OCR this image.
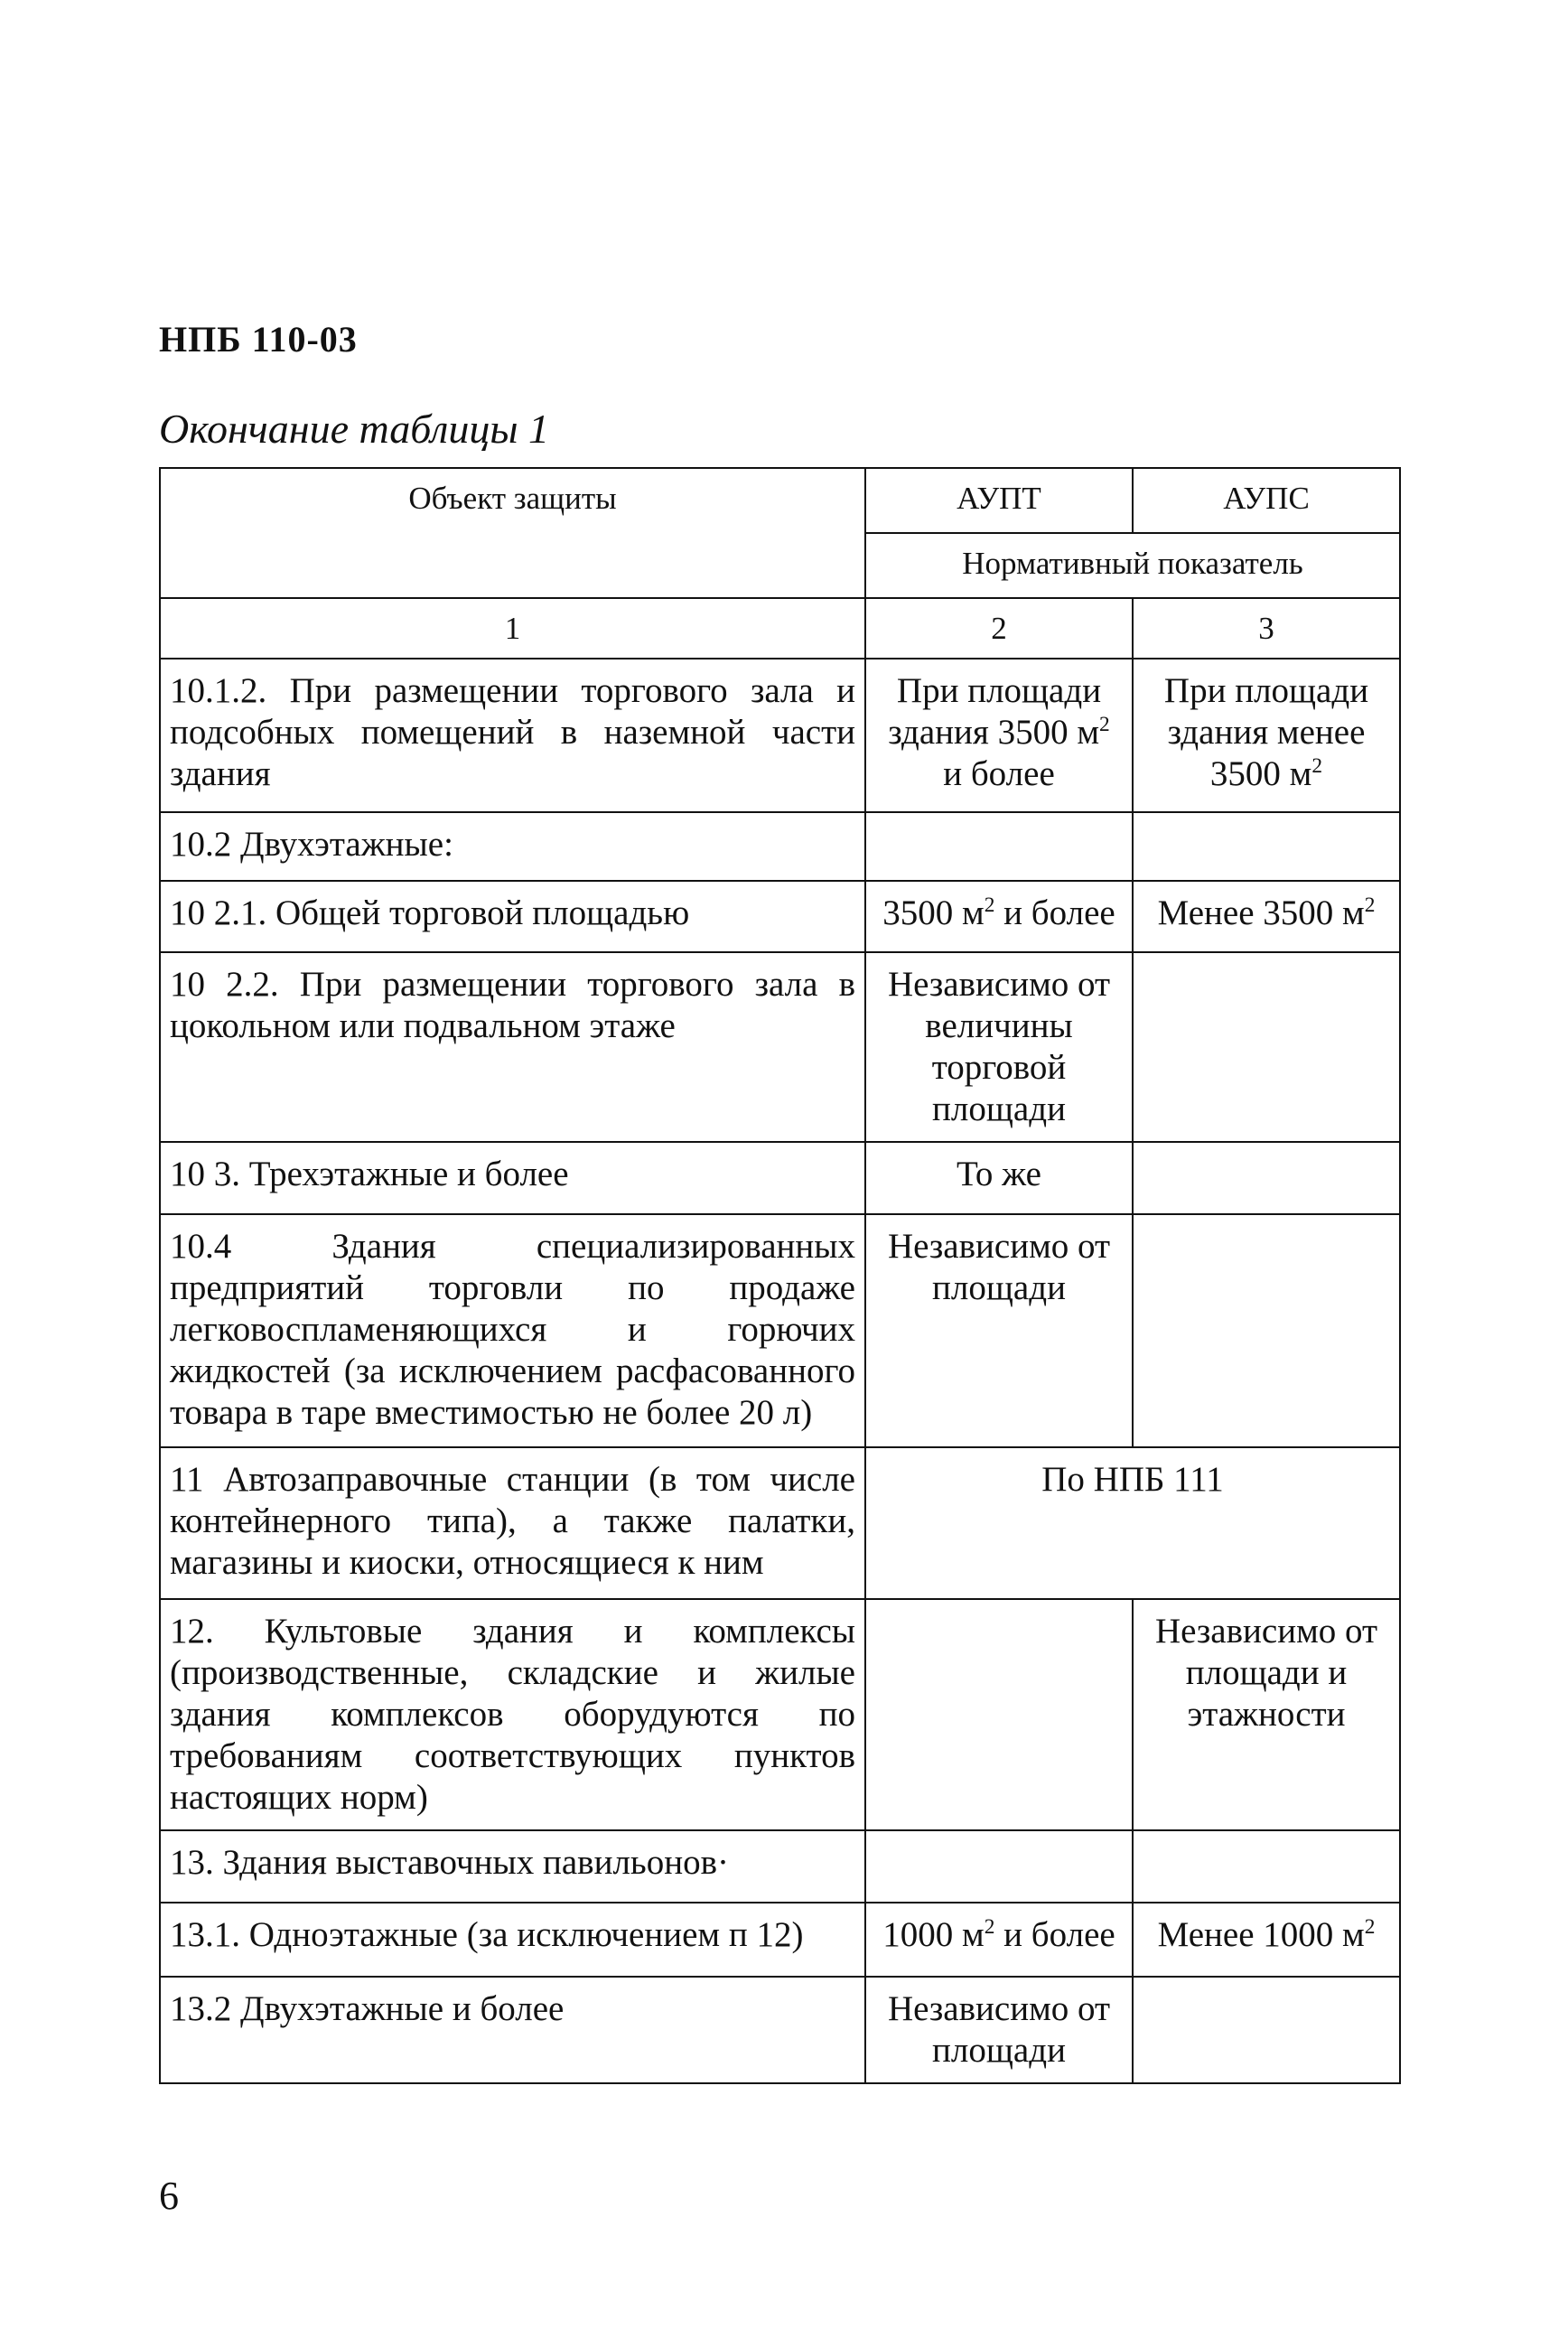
НПБ 110-03
Окончание таблицы 1
Объект защиты	АУПТ	АУПС
	Нормативный показатель	
1	2	3
10.1.2. При размещении торгового зала и подсобных помещений в наземной части здания	При площади здания 3500 $м^2$ и более	При площади здания менее 3500 $м^2$
10.2 Двухэтажные:		
10 2.1. Общей торговой площадью	3500 $м^2$ и более	Менее 3500 $м^2$
10 2.2. При размещении торгового зала в цокольном или подвальном этаже	Независимо от величины торговой площади	
10 3. Трехэтажные и более	То же	
10.4 Здания специализированных предприятий торговли по продаже легковоспламеняющихся и горючих жидкостей (за исключением расфасованного товара в таре вместимостью не более 20 л)	Независимо от площади	
11 Автозаправочные станции (в том числе контейнерного типа), а также палатки, магазины и киоски, относящиеся к ним	По НПБ 111	
12. Культовые здания и комплексы (производственные, складские и жилые здания комплексов оборудуются по требованиям соответствующих пунктов настоящих норм)		Независимо от площади и этажности
13. Здания выставочных павильонов·		
13.1. Одноэтажные (за исключением п 12)	1000 $м^2$ и более	Менее 1000 $м^2$
13.2 Двухэтажные и более	Независимо от площади	
6
